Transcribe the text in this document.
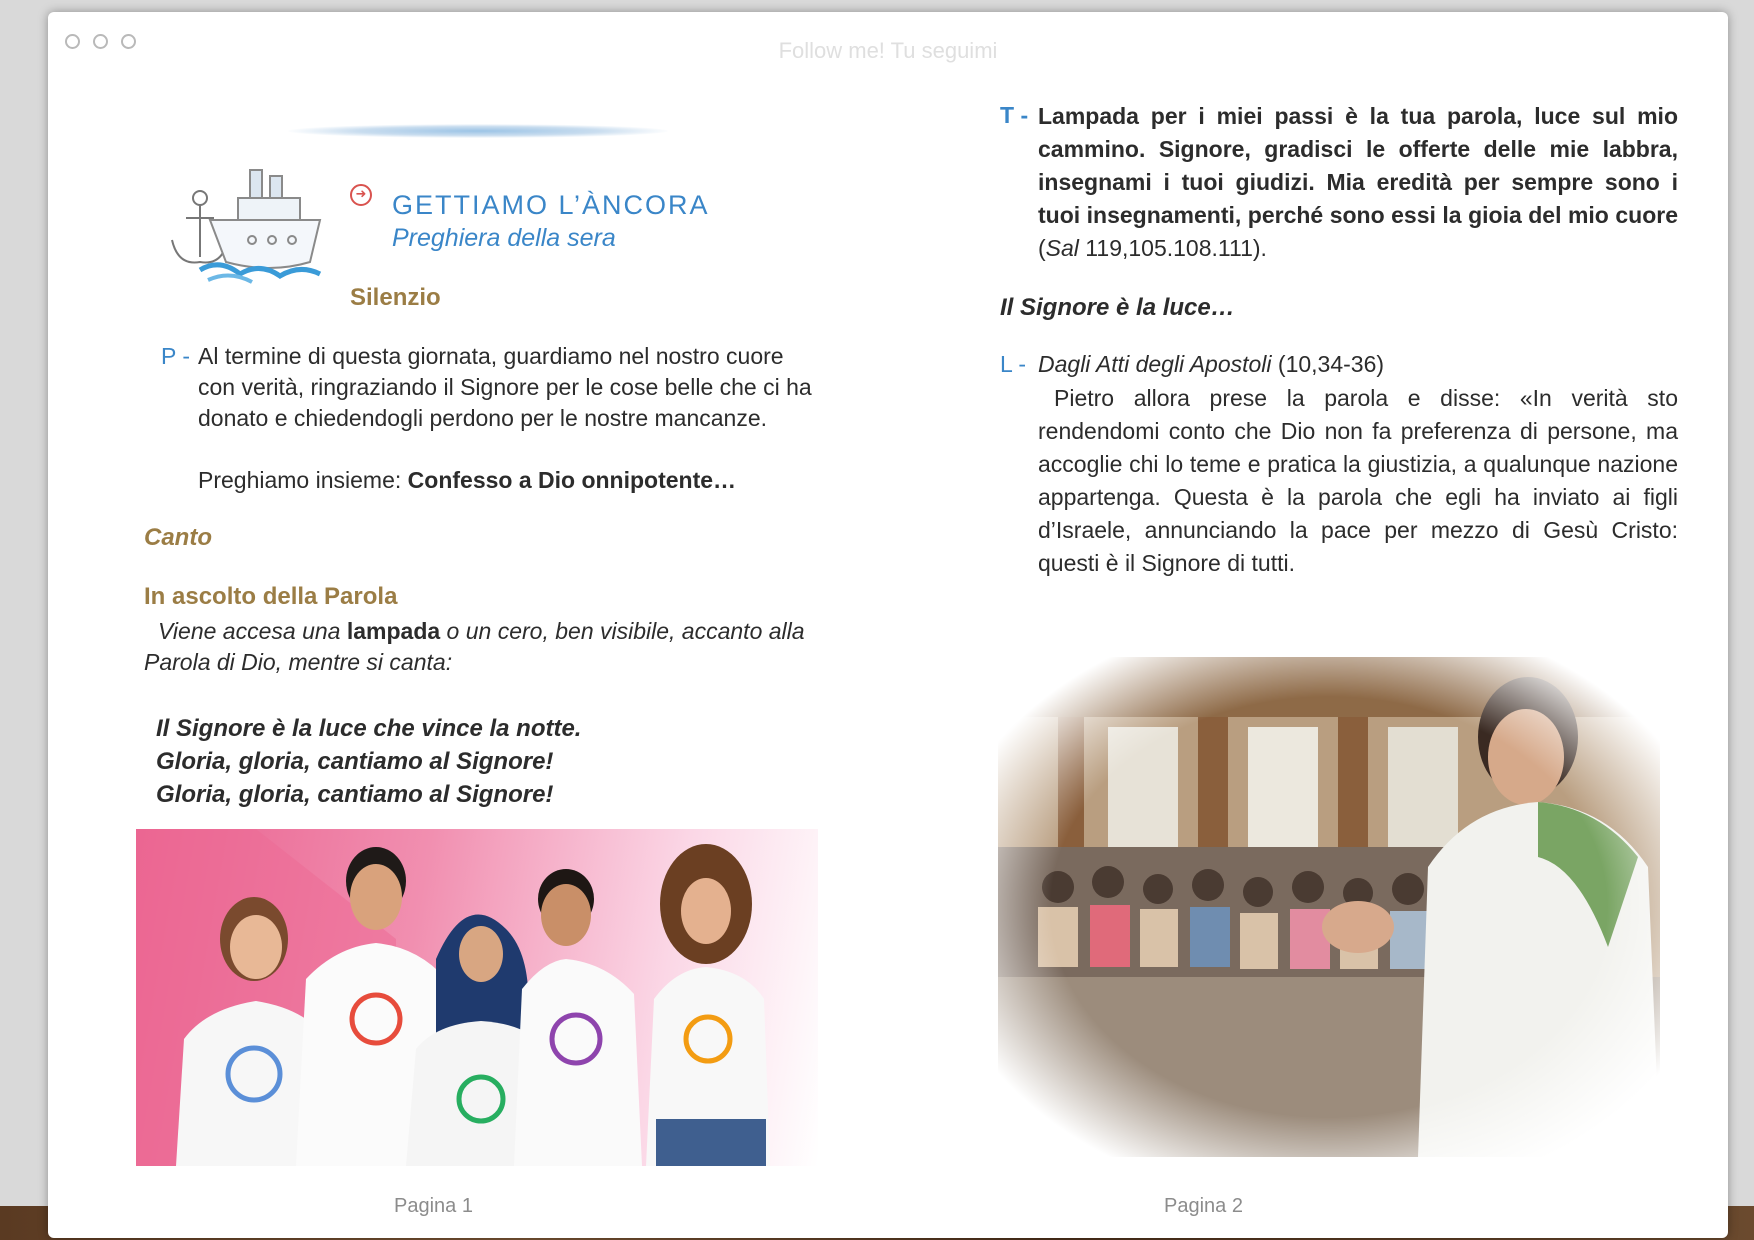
Follow me! Tu seguimi
➜ GETTIAMO L’ÀNCORA
Preghiera della sera
Silenzio
P - Al termine di questa giornata, guardiamo nel nostro cuore con verità, ringraziando il Signore per le cose belle che ci ha donato e chiedendogli perdono per le nostre mancanze.
Preghiamo insieme: Confesso a Dio onnipotente…
Canto
In ascolto della Parola
Viene accesa una lampada o un cero, ben visibile, accanto alla Parola di Dio, mentre si canta:
Il Signore è la luce che vince la notte.
Gloria, gloria, cantiamo al Signore!
Gloria, gloria, cantiamo al Signore!
Pagina 1
T - Lampada per i miei passi è la tua parola, luce sul mio cammino. Signore, gradisci le offerte delle mie labbra, insegnami i tuoi giudizi. Mia eredità per sempre sono i tuoi insegnamenti, perché sono essi la gioia del mio cuore (Sal 119,105.108.111).
Il Signore è la luce…
L - Dagli Atti degli Apostoli (10,34-36)
Pietro allora prese la parola e disse: «In verità sto rendendomi conto che Dio non fa preferenza di persone, ma accoglie chi lo teme e pratica la giustizia, a qualunque nazione appartenga. Questa è la parola che egli ha inviato ai figli d’Israele, annunciando la pace per mezzo di Gesù Cristo: questi è il Signore di tutti.
Pagina 2
